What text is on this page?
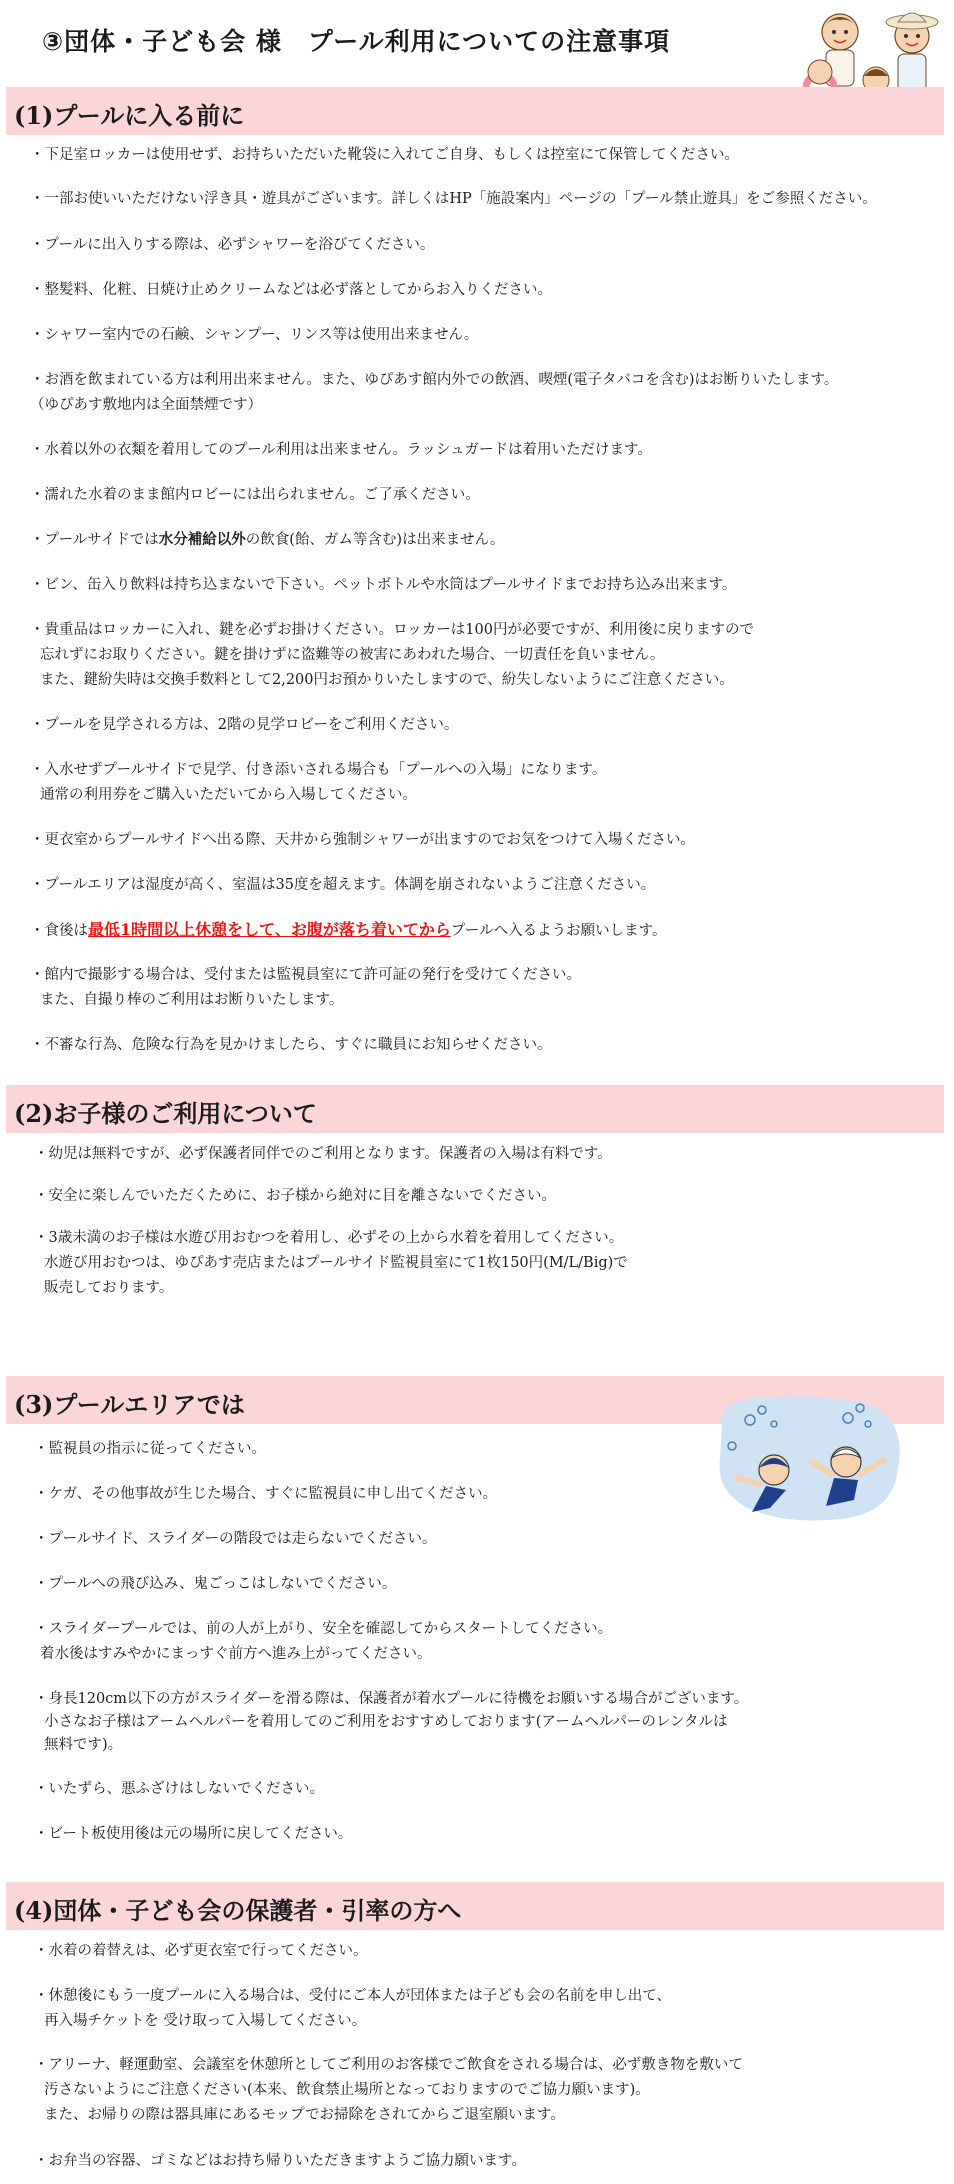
③団体・子ども会 様　プール利用についての注意事項
(1)プールに入る前に
・下足室ロッカーは使用せず、お持ちいただいた靴袋に入れてご自身、もしくは控室にて保管してください。
・一部お使いいただけない浮き具・遊具がございます。詳しくはHP「施設案内」ページの「プール禁止遊具」をご参照ください。
・プールに出入りする際は、必ずシャワーを浴びてください。
・整髪料、化粧、日焼け止めクリームなどは必ず落としてからお入りください。
・シャワー室内での石鹸、シャンプー、リンス等は使用出来ません。
・お酒を飲まれている方は利用出来ません。また、ゆぴあす館内外での飲酒、喫煙(電子タバコを含む)はお断りいたします。
（ゆぴあす敷地内は全面禁煙です）
・水着以外の衣類を着用してのプール利用は出来ません。ラッシュガードは着用いただけます。
・濡れた水着のまま館内ロビーには出られません。ご了承ください。
・プールサイドでは水分補給以外の飲食(飴、ガム等含む)は出来ません。
・ビン、缶入り飲料は持ち込まないで下さい。ペットボトルや水筒はプールサイドまでお持ち込み出来ます。
・貴重品はロッカーに入れ、鍵を必ずお掛けください。ロッカーは100円が必要ですが、利用後に戻りますので
忘れずにお取りください。鍵を掛けずに盗難等の被害にあわれた場合、一切責任を負いません。
また、鍵紛失時は交換手数料として2,200円お預かりいたしますので、紛失しないようにご注意ください。
・プールを見学される方は、2階の見学ロビーをご利用ください。
・入水せずプールサイドで見学、付き添いされる場合も「プールへの入場」になります。
通常の利用券をご購入いただいてから入場してください。
・更衣室からプールサイドへ出る際、天井から強制シャワーが出ますのでお気をつけて入場ください。
・プールエリアは湿度が高く、室温は35度を超えます。体調を崩されないようご注意ください。
・食後は最低1時間以上休憩をして、お腹が落ち着いてからプールへ入るようお願いします。
・館内で撮影する場合は、受付または監視員室にて許可証の発行を受けてください。
また、自撮り棒のご利用はお断りいたします。
・不審な行為、危険な行為を見かけましたら、すぐに職員にお知らせください。
(2)お子様のご利用について
・幼児は無料ですが、必ず保護者同伴でのご利用となります。保護者の入場は有料です。
・安全に楽しんでいただくために、お子様から絶対に目を離さないでください。
・3歳未満のお子様は水遊び用おむつを着用し、必ずその上から水着を着用してください。
水遊び用おむつは、ゆぴあす売店またはプールサイド監視員室にて1枚150円(M/L/Big)で
販売しております。
(3)プールエリアでは
・監視員の指示に従ってください。
・ケガ、その他事故が生じた場合、すぐに監視員に申し出てください。
・プールサイド、スライダーの階段では走らないでください。
・プールへの飛び込み、鬼ごっこはしないでください。
・スライダープールでは、前の人が上がり、安全を確認してからスタートしてください。
着水後はすみやかにまっすぐ前方へ進み上がってください。
・身長120cm以下の方がスライダーを滑る際は、保護者が着水プールに待機をお願いする場合がございます。
小さなお子様はアームヘルパーを着用してのご利用をおすすめしております(アームヘルパーのレンタルは
無料です)。
・いたずら、悪ふざけはしないでください。
・ビート板使用後は元の場所に戻してください。
(4)団体・子ども会の保護者・引率の方へ
・水着の着替えは、必ず更衣室で行ってください。
・休憩後にもう一度プールに入る場合は、受付にご本人が団体または子ども会の名前を申し出て、
再入場チケットを 受け取って入場してください。
・アリーナ、軽運動室、会議室を休憩所としてご利用のお客様でご飲食をされる場合は、必ず敷き物を敷いて
汚さないようにご注意ください(本来、飲食禁止場所となっておりますのでご協力願います)。
また、お帰りの際は器具庫にあるモップでお掃除をされてからご退室願います。
・お弁当の容器、ゴミなどはお持ち帰りいただきますようご協力願います。
